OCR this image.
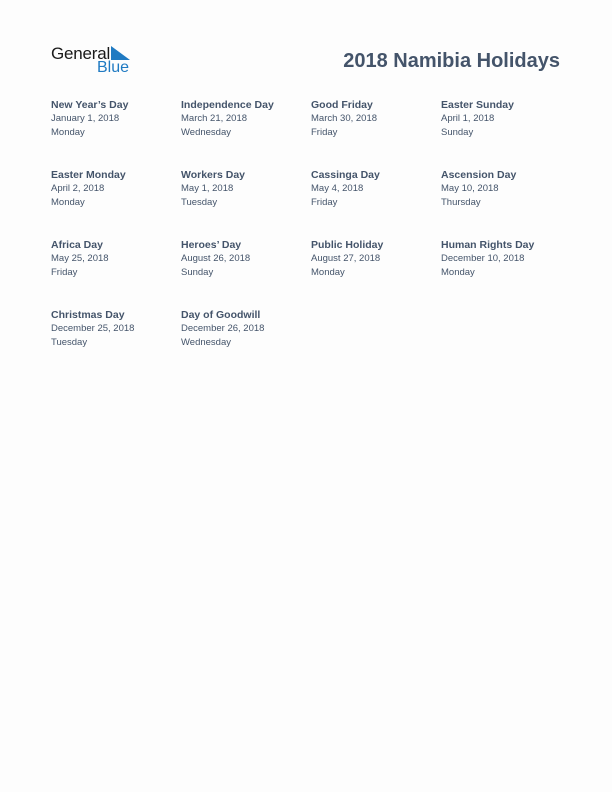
General
Blue	2018 Namibia Holidays
New Year’s Day
January 1, 2018
Monday
Independence Day
March 21, 2018
Wednesday
Good Friday
March 30, 2018
Friday
Easter Sunday
April 1, 2018
Sunday
Easter Monday
April 2, 2018
Monday
Workers Day
May 1, 2018
Tuesday
Cassinga Day
May 4, 2018
Friday
Ascension Day
May 10, 2018
Thursday
Africa Day
May 25, 2018
Friday
Heroes’ Day
August 26, 2018
Sunday
Public Holiday
August 27, 2018
Monday
Human Rights Day
December 10, 2018
Monday
Christmas Day
December 25, 2018
Tuesday
Day of Goodwill
December 26, 2018
Wednesday
